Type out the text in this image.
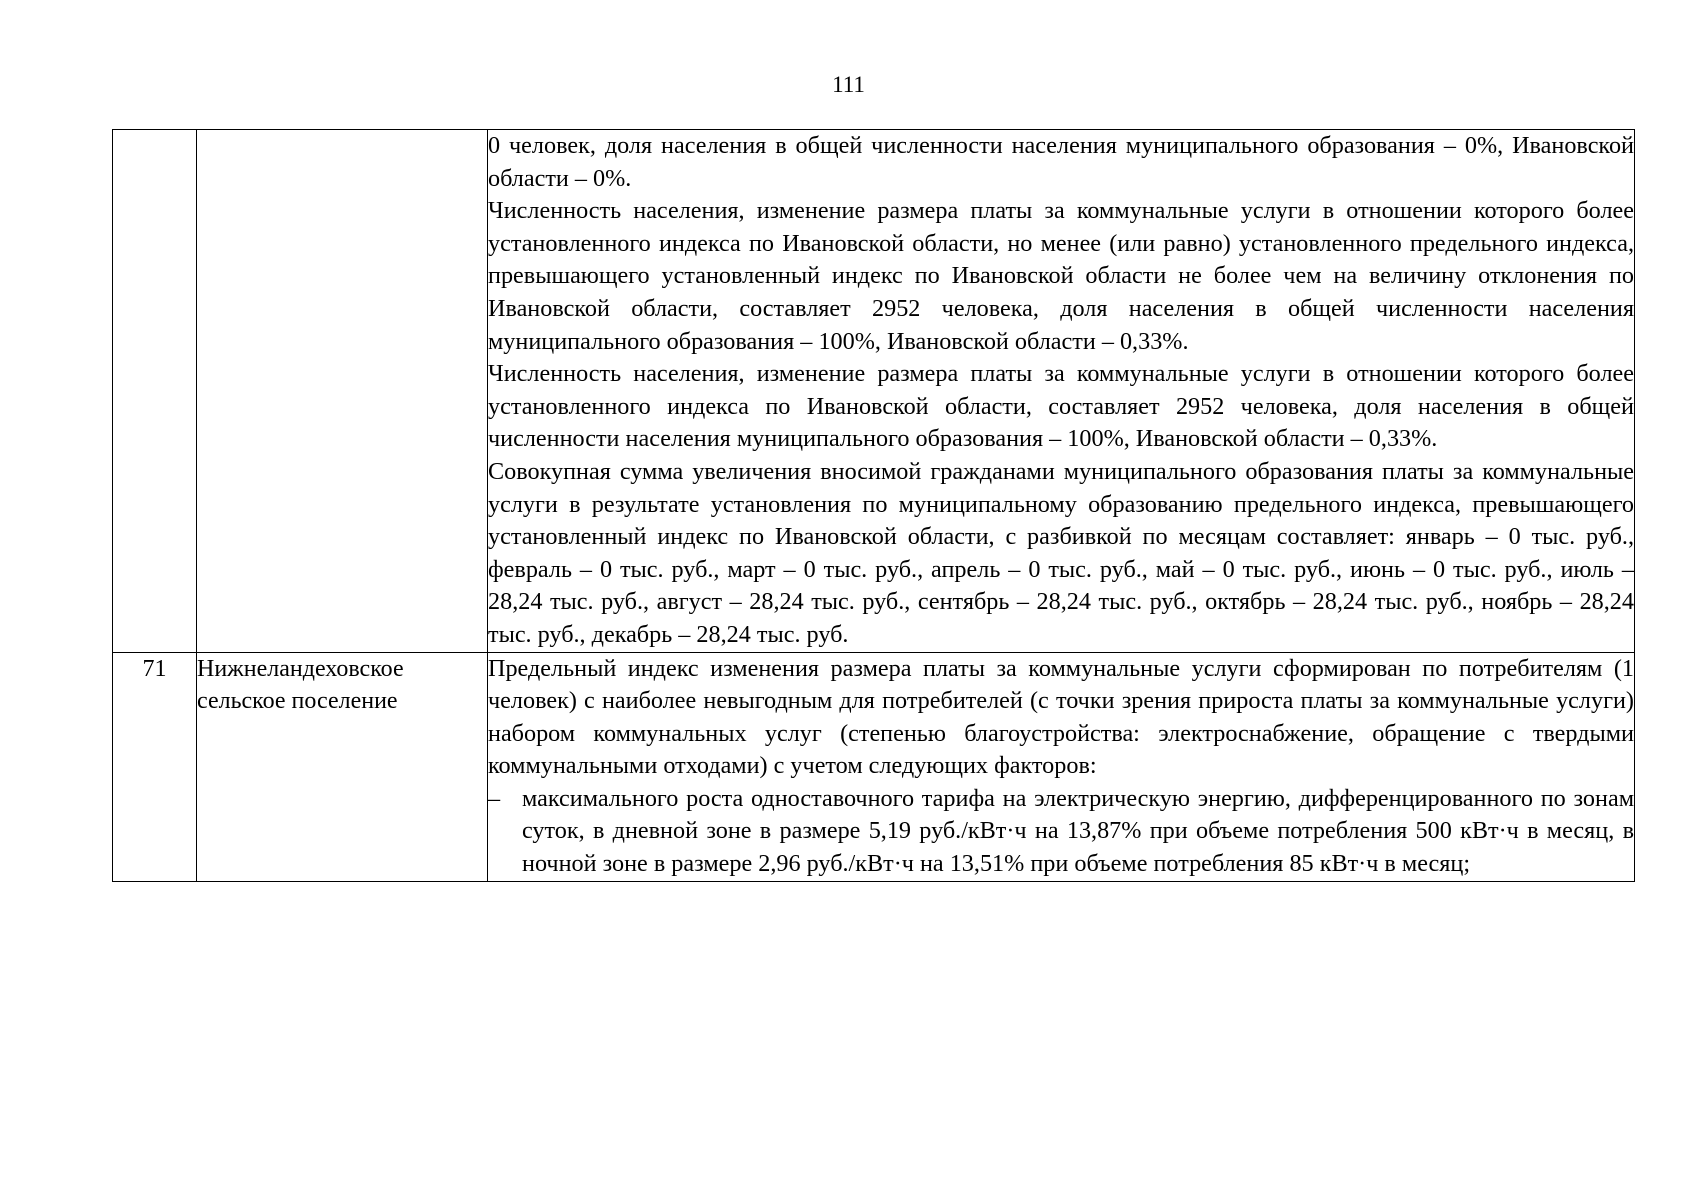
111

		0 человек, доля населения в общей численности населения муниципального образования – 0%, Ивановской области – 0%.

Численность населения, изменение размера платы за коммунальные услуги в отношении которого более установленного индекса по Ивановской области, но менее (или равно) установленного предельного индекса, превышающего установленный индекс по Ивановской области не более чем на величину отклонения по Ивановской области, составляет 2952 человека, доля населения в общей численности населения муниципального образования – 100%, Ивановской области – 0,33%.

Численность населения, изменение размера платы за коммунальные услуги в отношении которого более установленного индекса по Ивановской области, составляет 2952 человека, доля населения в общей численности населения муниципального образования – 100%, Ивановской области – 0,33%.

Совокупная сумма увеличения вносимой гражданами муниципального образования платы за коммунальные услуги в результате установления по муниципальному образованию предельного индекса, превышающего установленный индекс по Ивановской области, с разбивкой по месяцам составляет: январь – 0 тыс. руб., февраль – 0 тыс. руб., март – 0 тыс. руб., апрель – 0 тыс. руб., май – 0 тыс. руб., июнь – 0 тыс. руб., июль – 28,24 тыс. руб., август – 28,24 тыс. руб., сентябрь – 28,24 тыс. руб., октябрь – 28,24 тыс. руб., ноябрь – 28,24 тыс. руб., декабрь – 28,24 тыс. руб.

71	Нижнеландеховское сельское поселение	Предельный индекс изменения размера платы за коммунальные услуги сформирован по потребителям (1 человек) с наиболее невыгодным для потребителей (с точки зрения прироста платы за коммунальные услуги) набором коммунальных услуг (степенью благоустройства: электроснабжение, обращение с твердыми коммунальными отходами) с учетом следующих факторов:

– максимального роста одноставочного тарифа на электрическую энергию, дифференцированного по зонам суток, в дневной зоне в размере 5,19 руб./кВт·ч на 13,87% при объеме потребления 500 кВт·ч в месяц, в ночной зоне в размере 2,96 руб./кВт·ч на 13,51% при объеме потребления 85 кВт·ч в месяц;
